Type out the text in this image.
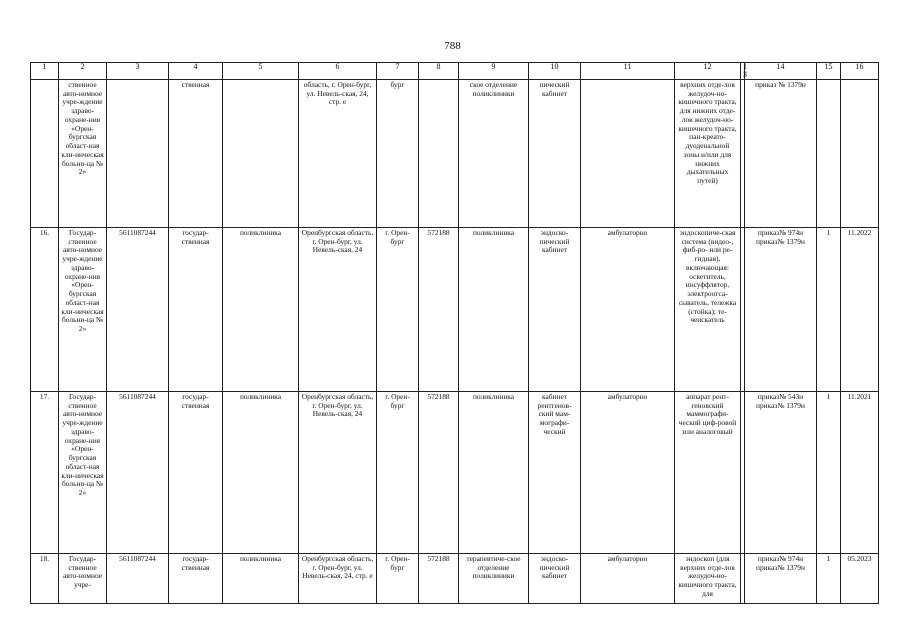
788
1	2	3	4	5	6	7	8	9	10	11	12	13	14	15	16
	ственное авто-номное учре-ждение здраво-охране-ния «Орен-бургская област-ная кли-ническая больни-ца № 2»		ственная		область, г. Орен-бург, ул. Невель-ская, 24, стр. е	бург		ское отделение поликлиники	пический кабинет		верхних отде-лов желудоч-но-кишечного тракта, для нижних отде-лов желудоч-но-кишечного тракта, пан-креато-дуоденальной зоны и/или для нижних дыхательных путей)		приказ № 1379н		
16.	Государ-ственное авто-номное учре-ждение здраво-охране-ния «Орен-бургская област-ная кли-ническая больни-ца № 2»	5611087244	государ-ственная	поликлиника	Оренбургская область, г. Орен-бург, ул. Невель-ская, 24	г. Орен-бург	572188	поликлиника	эндоско-пический кабинет	амбулаторно	эндоскопиче-ская система (видео-, фиб-ро- или ре-гидная), включающая: осветитель, инсуффлятор, электроотса-сыватель, тележка (стойка); те-чеискатель		приказ№ 974н приказ№ 1379н	1	11.2022
17.	Государ-ственное авто-номное учре-ждение здраво-охране-ния «Орен-бургская област-ная кли-ническая больни-ца № 2»	5611087244	государ-ственная	поликлиника	Оренбургская область, г. Орен-бург, ул. Невель-ская, 24	г. Орен-бург	572188	поликлиника	кабинет рентгенов-ский мам-мографи-ческий	амбулаторно	аппарат рент-геновский маммографи-ческий циф-ровой или аналоговый		приказ№ 543н приказ№ 1379н	1	11.2021
18.	Государ-ственное авто-номное учре-	5611087244	государ-ственная	поликлиника	Оренбургская область, г. Орен-бург, ул. Невель-ская, 24, стр. е	г. Орен-бург	572188	терапевтиче-ское отделение поликлиники	эндоско-пический кабинет	амбулаторно	эндоскоп (для верхних отде-лов желудоч-но-кишечного тракта, для		приказ№ 974н приказ№ 1379н	1	05.2023
